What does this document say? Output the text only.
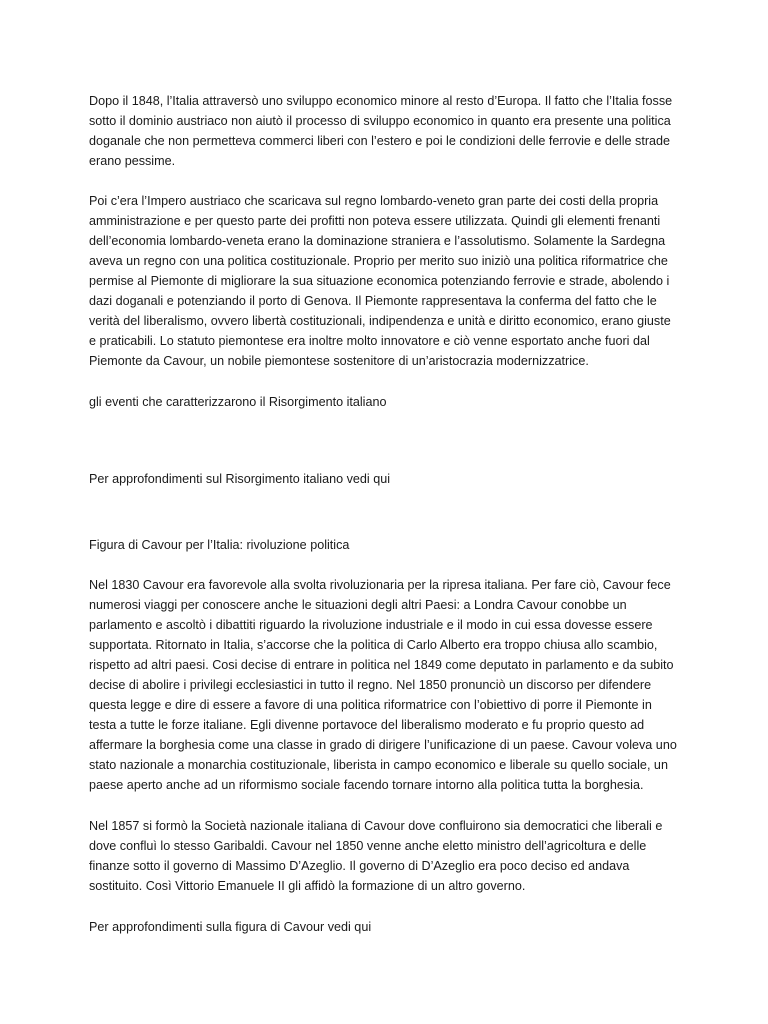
Dopo il 1848, l’Italia attraversò uno sviluppo economico minore al resto d’Europa. Il fatto che l’Italia fosse sotto il dominio austriaco non aiutò il processo di sviluppo economico in quanto era presente una politica doganale che non permetteva commerci liberi con l’estero e poi le condizioni delle ferrovie e delle strade erano pessime.

Poi c’era l’Impero austriaco che scaricava sul regno lombardo-veneto gran parte dei costi della propria amministrazione e per questo parte dei profitti non poteva essere utilizzata. Quindi gli elementi frenanti dell’economia lombardo-veneta erano la dominazione straniera e l’assolutismo. Solamente la Sardegna aveva un regno con una politica costituzionale. Proprio per merito suo iniziò una politica riformatrice che permise al Piemonte di migliorare la sua situazione economica potenziando ferrovie e strade, abolendo i dazi doganali e potenziando il porto di Genova. Il Piemonte rappresentava la conferma del fatto che le verità del liberalismo, ovvero libertà costituzionali, indipendenza e unità e diritto economico, erano giuste e praticabili. Lo statuto piemontese era inoltre molto innovatore e ciò venne esportato anche fuori dal Piemonte da Cavour, un nobile piemontese sostenitore di un’aristocrazia modernizzatrice.

gli eventi che caratterizzarono il Risorgimento italiano

Per approfondimenti sul Risorgimento italiano vedi qui

Figura di Cavour per l’Italia: rivoluzione politica

Nel 1830 Cavour era favorevole alla svolta rivoluzionaria per la ripresa italiana. Per fare ciò, Cavour fece numerosi viaggi per conoscere anche le situazioni degli altri Paesi: a Londra Cavour conobbe un parlamento e ascoltò i dibattiti riguardo la rivoluzione industriale e il modo in cui essa dovesse essere supportata. Ritornato in Italia, s’accorse che la politica di Carlo Alberto era troppo chiusa allo scambio, rispetto ad altri paesi. Cosi decise di entrare in politica nel 1849 come deputato in parlamento e da subito decise di abolire i privilegi ecclesiastici in tutto il regno. Nel 1850 pronunciò un discorso per difendere questa legge e dire di essere a favore di una politica riformatrice con l’obiettivo di porre il Piemonte in testa a tutte le forze italiane. Egli divenne portavoce del liberalismo moderato e fu proprio questo ad affermare la borghesia come una classe in grado di dirigere l’unificazione di un paese. Cavour voleva uno stato nazionale a monarchia costituzionale, liberista in campo economico e liberale su quello sociale, un paese aperto anche ad un riformismo sociale facendo tornare intorno alla politica tutta la borghesia.

Nel 1857 si formò la Società nazionale italiana di Cavour dove confluirono sia democratici che liberali e dove confluì lo stesso Garibaldi. Cavour nel 1850 venne anche eletto ministro dell’agricoltura e delle finanze sotto il governo di Massimo D’Azeglio. Il governo di D’Azeglio era poco deciso ed andava sostituito. Così Vittorio Emanuele II gli affidò la formazione di un altro governo.

Per approfondimenti sulla figura di Cavour vedi qui
